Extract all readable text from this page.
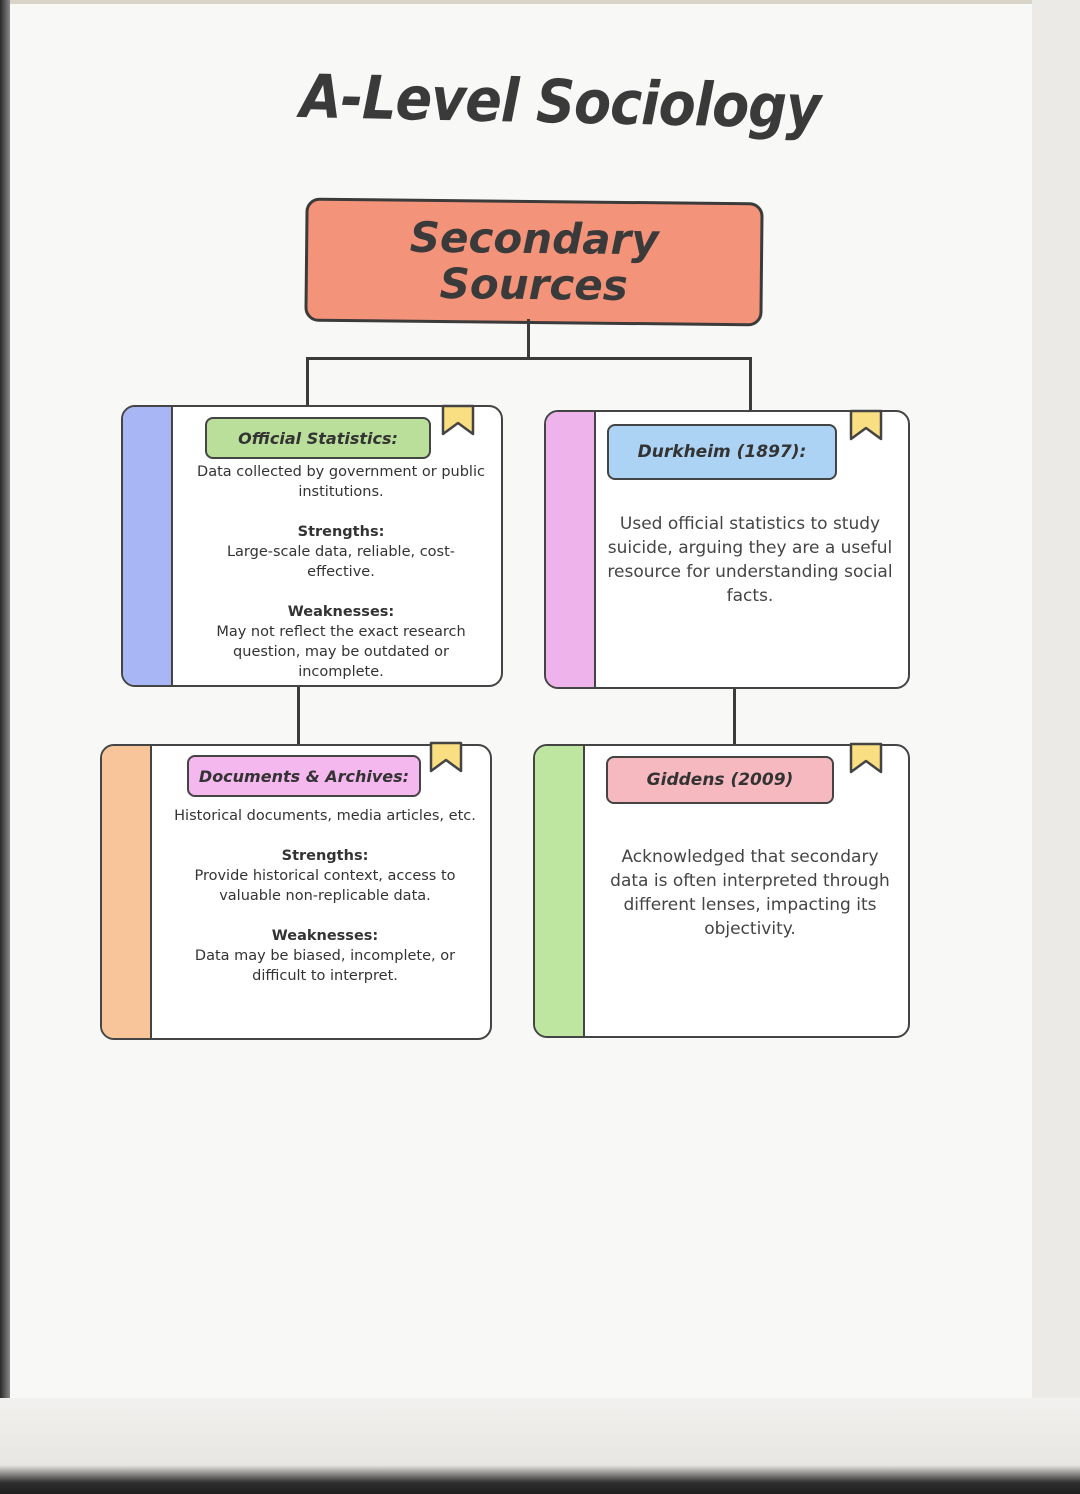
A-Level Sociology
Secondary
Sources
Official Statistics:
Data collected by government or public institutions.
Strengths:
Large-scale data, reliable, cost-effective.
Weaknesses:
May not reflect the exact research question, may be outdated or incomplete.
Durkheim (1897):
Used official statistics to study suicide, arguing they are a useful resource for understanding social facts.
Documents & Archives:
Historical documents, media articles, etc.
Strengths:
Provide historical context, access to valuable non-replicable data.
Weaknesses:
Data may be biased, incomplete, or difficult to interpret.
Giddens (2009)
Acknowledged that secondary data is often interpreted through different lenses, impacting its objectivity.
